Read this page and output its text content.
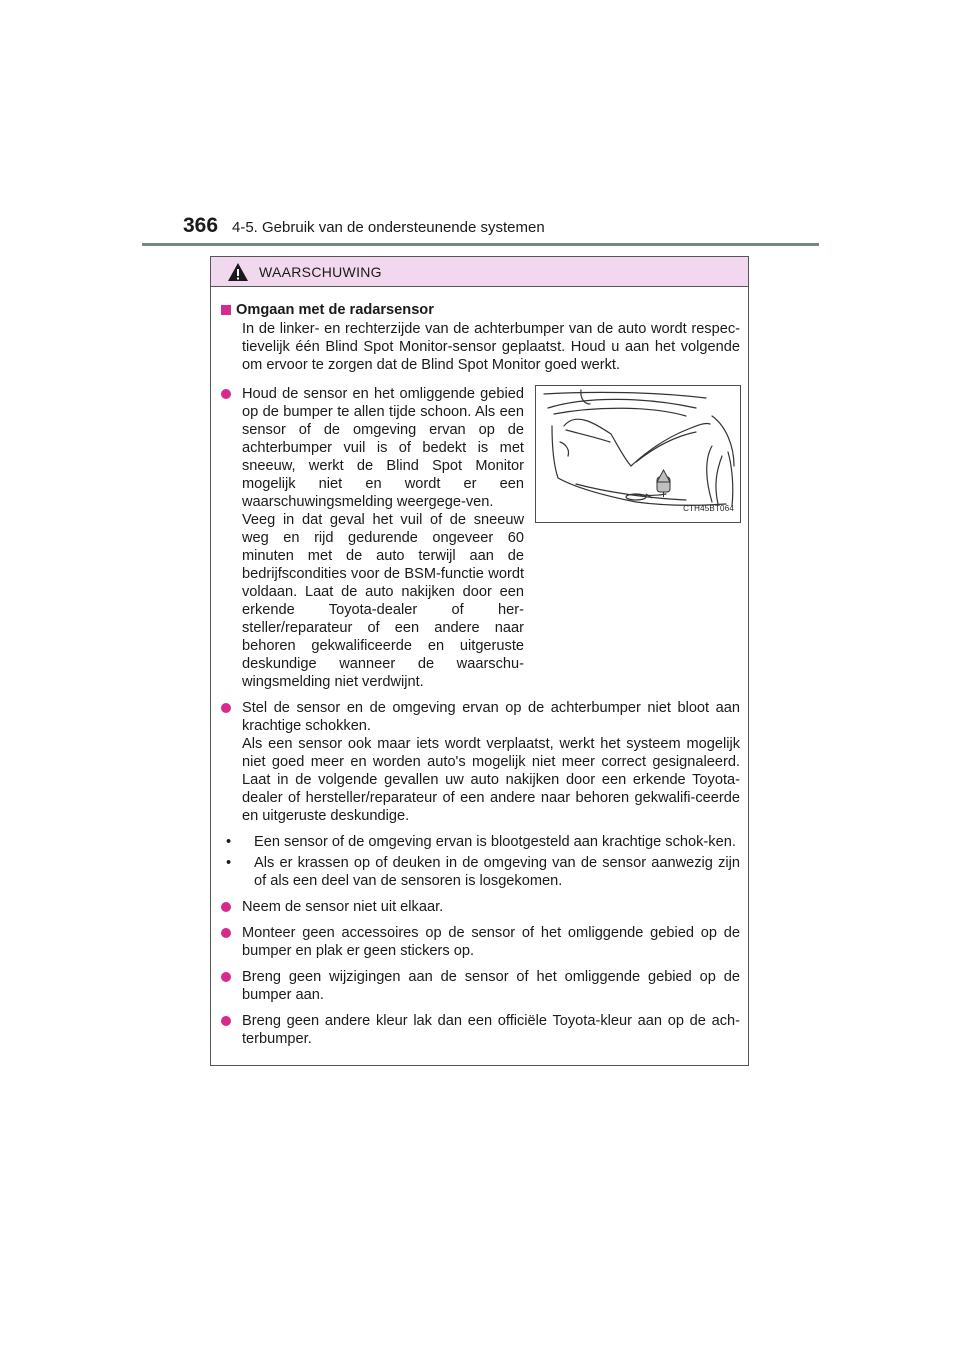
366 4-5. Gebruik van de ondersteunende systemen
WAARSCHUWING
Omgaan met de radarsensor
In de linker- en rechterzijde van de achterbumper van de auto wordt respec-tievelijk één Blind Spot Monitor-sensor geplaatst. Houd u aan het volgende om ervoor te zorgen dat de Blind Spot Monitor goed werkt.

Houd de sensor en het omliggende gebied op de bumper te allen tijde schoon. Als een sensor of de omgeving ervan op de achterbumper vuil is of bedekt is met sneeuw, werkt de Blind Spot Monitor mogelijk niet en wordt er een waarschuwingsmelding weergege-ven.

Veeg in dat geval het vuil of de sneeuw weg en rijd gedurende ongeveer 60 minuten met de auto terwijl aan de bedrijfscondities voor de BSM-functie wordt voldaan. Laat de auto nakijken door een erkende Toyota-dealer of her-steller/reparateur of een andere naar behoren gekwalificeerde en uitgeruste deskundige wanneer de waarschu-wingsmelding niet verdwijnt.

CTH45BT064

Stel de sensor en de omgeving ervan op de achterbumper niet bloot aan krachtige schokken.

Als een sensor ook maar iets wordt verplaatst, werkt het systeem mogelijk niet goed meer en worden auto's mogelijk niet meer correct gesignaleerd. Laat in de volgende gevallen uw auto nakijken door een erkende Toyota-dealer of hersteller/reparateur of een andere naar behoren gekwalifi-ceerde en uitgeruste deskundige.

•	Een sensor of de omgeving ervan is blootgesteld aan krachtige schok-ken.
•	Als er krassen op of deuken in de omgeving van de sensor aanwezig zijn of als een deel van de sensoren is losgekomen.

Neem de sensor niet uit elkaar.

Monteer geen accessoires op de sensor of het omliggende gebied op de bumper en plak er geen stickers op.

Breng geen wijzigingen aan de sensor of het omliggende gebied op de bumper aan.

Breng geen andere kleur lak dan een officiële Toyota-kleur aan op de ach-terbumper.
